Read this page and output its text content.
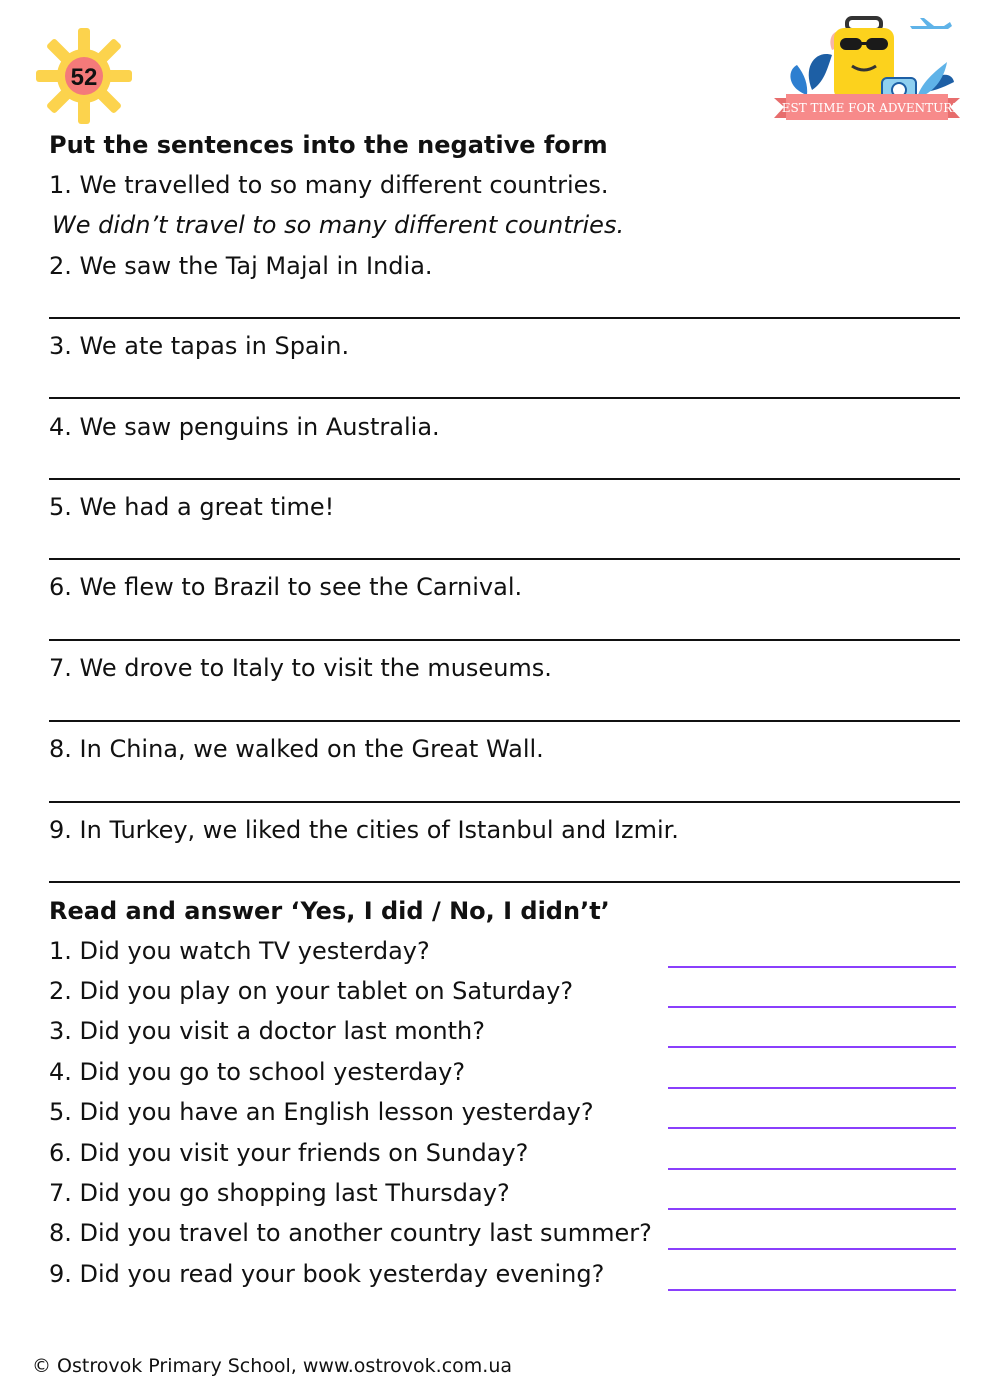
52
BEST TIME FOR ADVENTURE
Put the sentences into the negative form
1. We travelled to so many different countries.
We didn’t travel to so many different countries.
2. We saw the Taj Majal in India.
3. We ate tapas in Spain.
4. We saw penguins in Australia.
5. We had a great time!
6. We flew to Brazil to see the Carnival.
7. We drove to Italy to visit the museums.
8. In China, we walked on the Great Wall.
9. In Turkey, we liked the cities of Istanbul and Izmir.
Read and answer ‘Yes, I did / No, I didn’t’
1. Did you watch TV yesterday?
2. Did you play on your tablet on Saturday?
3. Did you visit a doctor last month?
4. Did you go to school yesterday?
5. Did you have an English lesson yesterday?
6. Did you visit your friends on Sunday?
7. Did you go shopping last Thursday?
8. Did you travel to another country last summer?
9. Did you read your book yesterday evening?
© Ostrovok Primary School, www.ostrovok.com.ua
